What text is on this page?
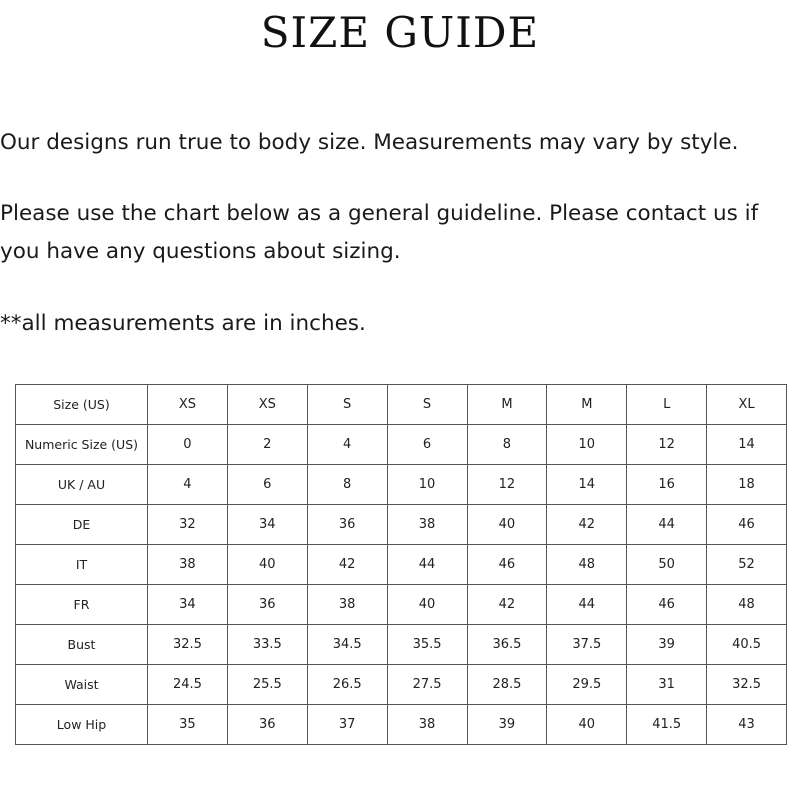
SIZE GUIDE

Our designs run true to body size. Measurements may vary by style.

Please use the chart below as a general guideline. Please contact us if
you have any questions about sizing.

**all measurements are in inches.

Size (US)	XS	XS	S	S	M	M	L	XL
Numeric Size (US)	0	2	4	6	8	10	12	14
UK / AU	4	6	8	10	12	14	16	18
DE	32	34	36	38	40	42	44	46
IT	38	40	42	44	46	48	50	52
FR	34	36	38	40	42	44	46	48
Bust	32.5	33.5	34.5	35.5	36.5	37.5	39	40.5
Waist	24.5	25.5	26.5	27.5	28.5	29.5	31	32.5
Low Hip	35	36	37	38	39	40	41.5	43
